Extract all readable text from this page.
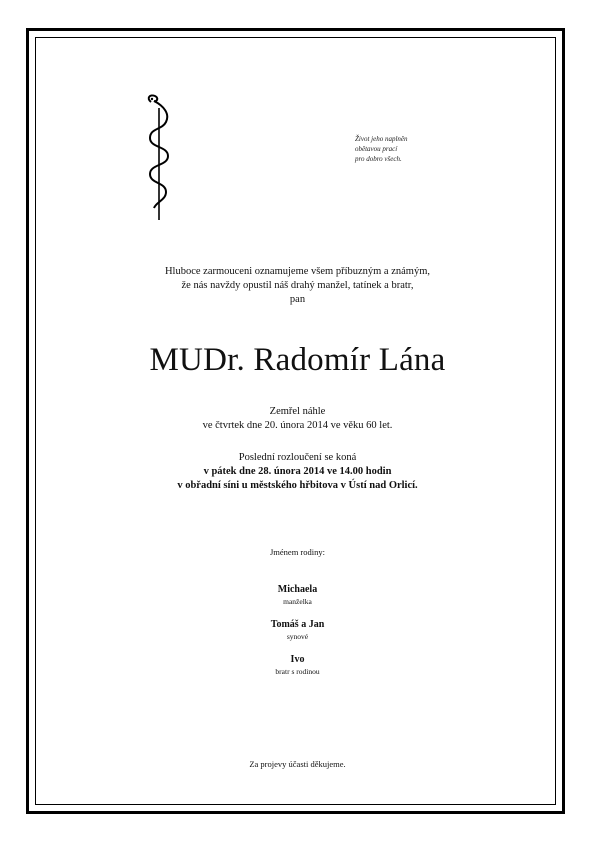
Život jeho naplněn
obětavou prací
pro dobro všech.
Hluboce zarmouceni oznamujeme všem příbuzným a známým,
že nás navždy opustil náš drahý manžel, tatínek a bratr,
pan
MUDr. Radomír Lána
Zemřel náhle
ve čtvrtek dne 20. února 2014 ve věku 60 let.
Poslední rozloučení se koná
v pátek dne 28. února 2014 ve 14.00 hodin
v obřadní síni u městského hřbitova v Ústí nad Orlicí.
Jménem rodiny:
Michaela
manželka
Tomáš a Jan
synové
Ivo
bratr s rodinou
Za projevy účasti děkujeme.
